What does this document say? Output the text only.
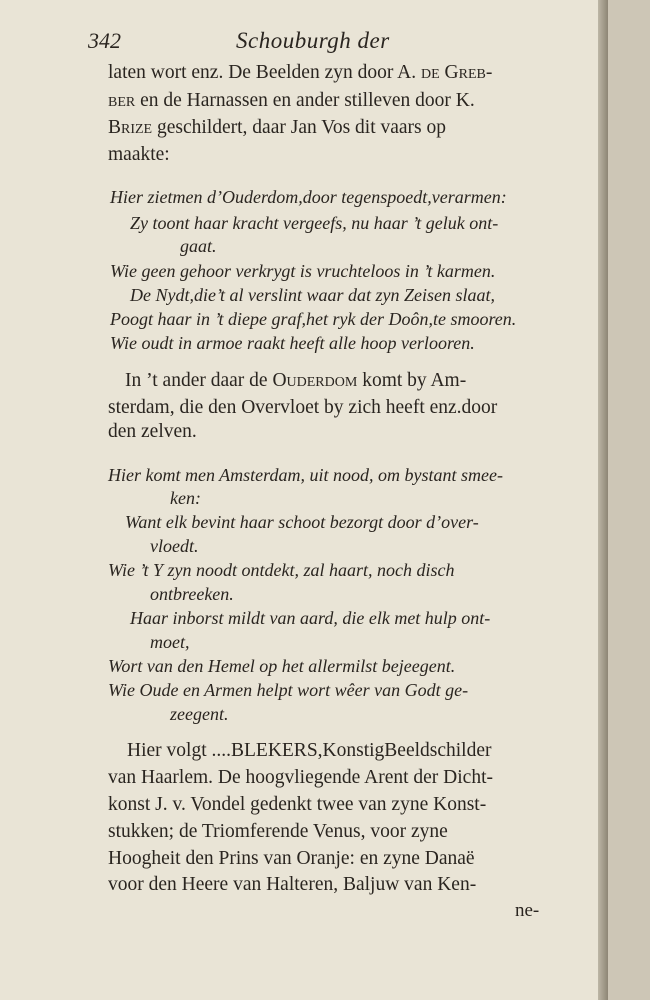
342	Schouburgh der
laten wort enz. De Beelden zyn door A. de Greb-
ber en de Harnassen en ander stilleven door K.
Brize geschildert, daar Jan Vos dit vaars op
maakte:
Hier zietmen d’Ouderdom,door tegenspoedt,verarmen:
Zy toont haar kracht vergeefs, nu haar ’t geluk ont-
gaat.
Wie geen gehoor verkrygt is vruchteloos in ’t karmen.
De Nydt,die’t al verslint waar dat zyn Zeisen slaat,
Poogt haar in ’t diepe graf,het ryk der Doôn,te smooren.
Wie oudt in armoe raakt heeft alle hoop verlooren.
In ’t ander daar de Ouderdom komt by Am-
sterdam, die den Overvloet by zich heeft enz.door
den zelven.
Hier komt men Amsterdam, uit nood, om bystant smee-
ken:
Want elk bevint haar schoot bezorgt door d’over-
vloedt.
Wie ’t Y zyn noodt ontdekt, zal haart, noch disch
ontbreeken.
Haar inborst mildt van aard, die elk met hulp ont-
moet,
Wort van den Hemel op het allermilst bejeegent.
Wie Oude en Armen helpt wort wêer van Godt ge-
zeegent.
Hier volgt ....BLEKERS,KonstigBeeldschilder
van Haarlem. De hoogvliegende Arent der Dicht-
konst J. v. Vondel gedenkt twee van zyne Konst-
stukken; de Triomferende Venus, voor zyne
Hoogheit den Prins van Oranje: en zyne Danaë
voor den Heere van Halteren, Baljuw van Ken-
ne-
